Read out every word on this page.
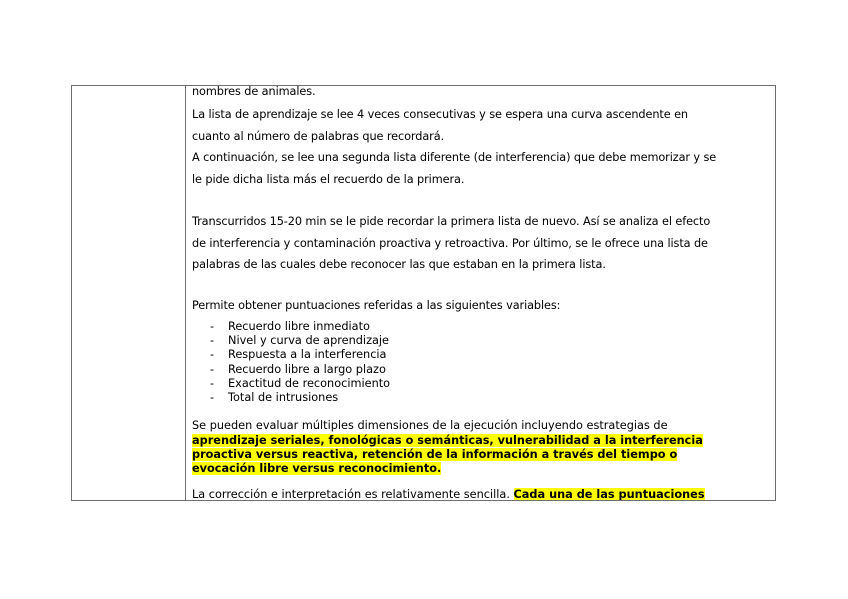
nombres de animales.

La lista de aprendizaje se lee 4 veces consecutivas y se espera una curva ascendente en

cuanto al número de palabras que recordará.

A continuación, se lee una segunda lista diferente (de interferencia) que debe memorizar y se

le pide dicha lista más el recuerdo de la primera.

Transcurridos 15-20 min se le pide recordar la primera lista de nuevo. Así se analiza el efecto

de interferencia y contaminación proactiva y retroactiva. Por último, se le ofrece una lista de

palabras de las cuales debe reconocer las que estaban en la primera lista.

Permite obtener puntuaciones referidas a las siguientes variables:

- Recuerdo libre inmediato
- Nivel y curva de aprendizaje
- Respuesta a la interferencia
- Recuerdo libre a largo plazo
- Exactitud de reconocimiento
- Total de intrusiones

Se pueden evaluar múltiples dimensiones de la ejecución incluyendo estrategias de

aprendizaje seriales, fonológicas o semánticas, vulnerabilidad a la interferencia

proactiva versus reactiva, retención de la información a través del tiempo o

evocación libre versus reconocimiento.

La corrección e interpretación es relativamente sencilla. Cada una de las puntuaciones
